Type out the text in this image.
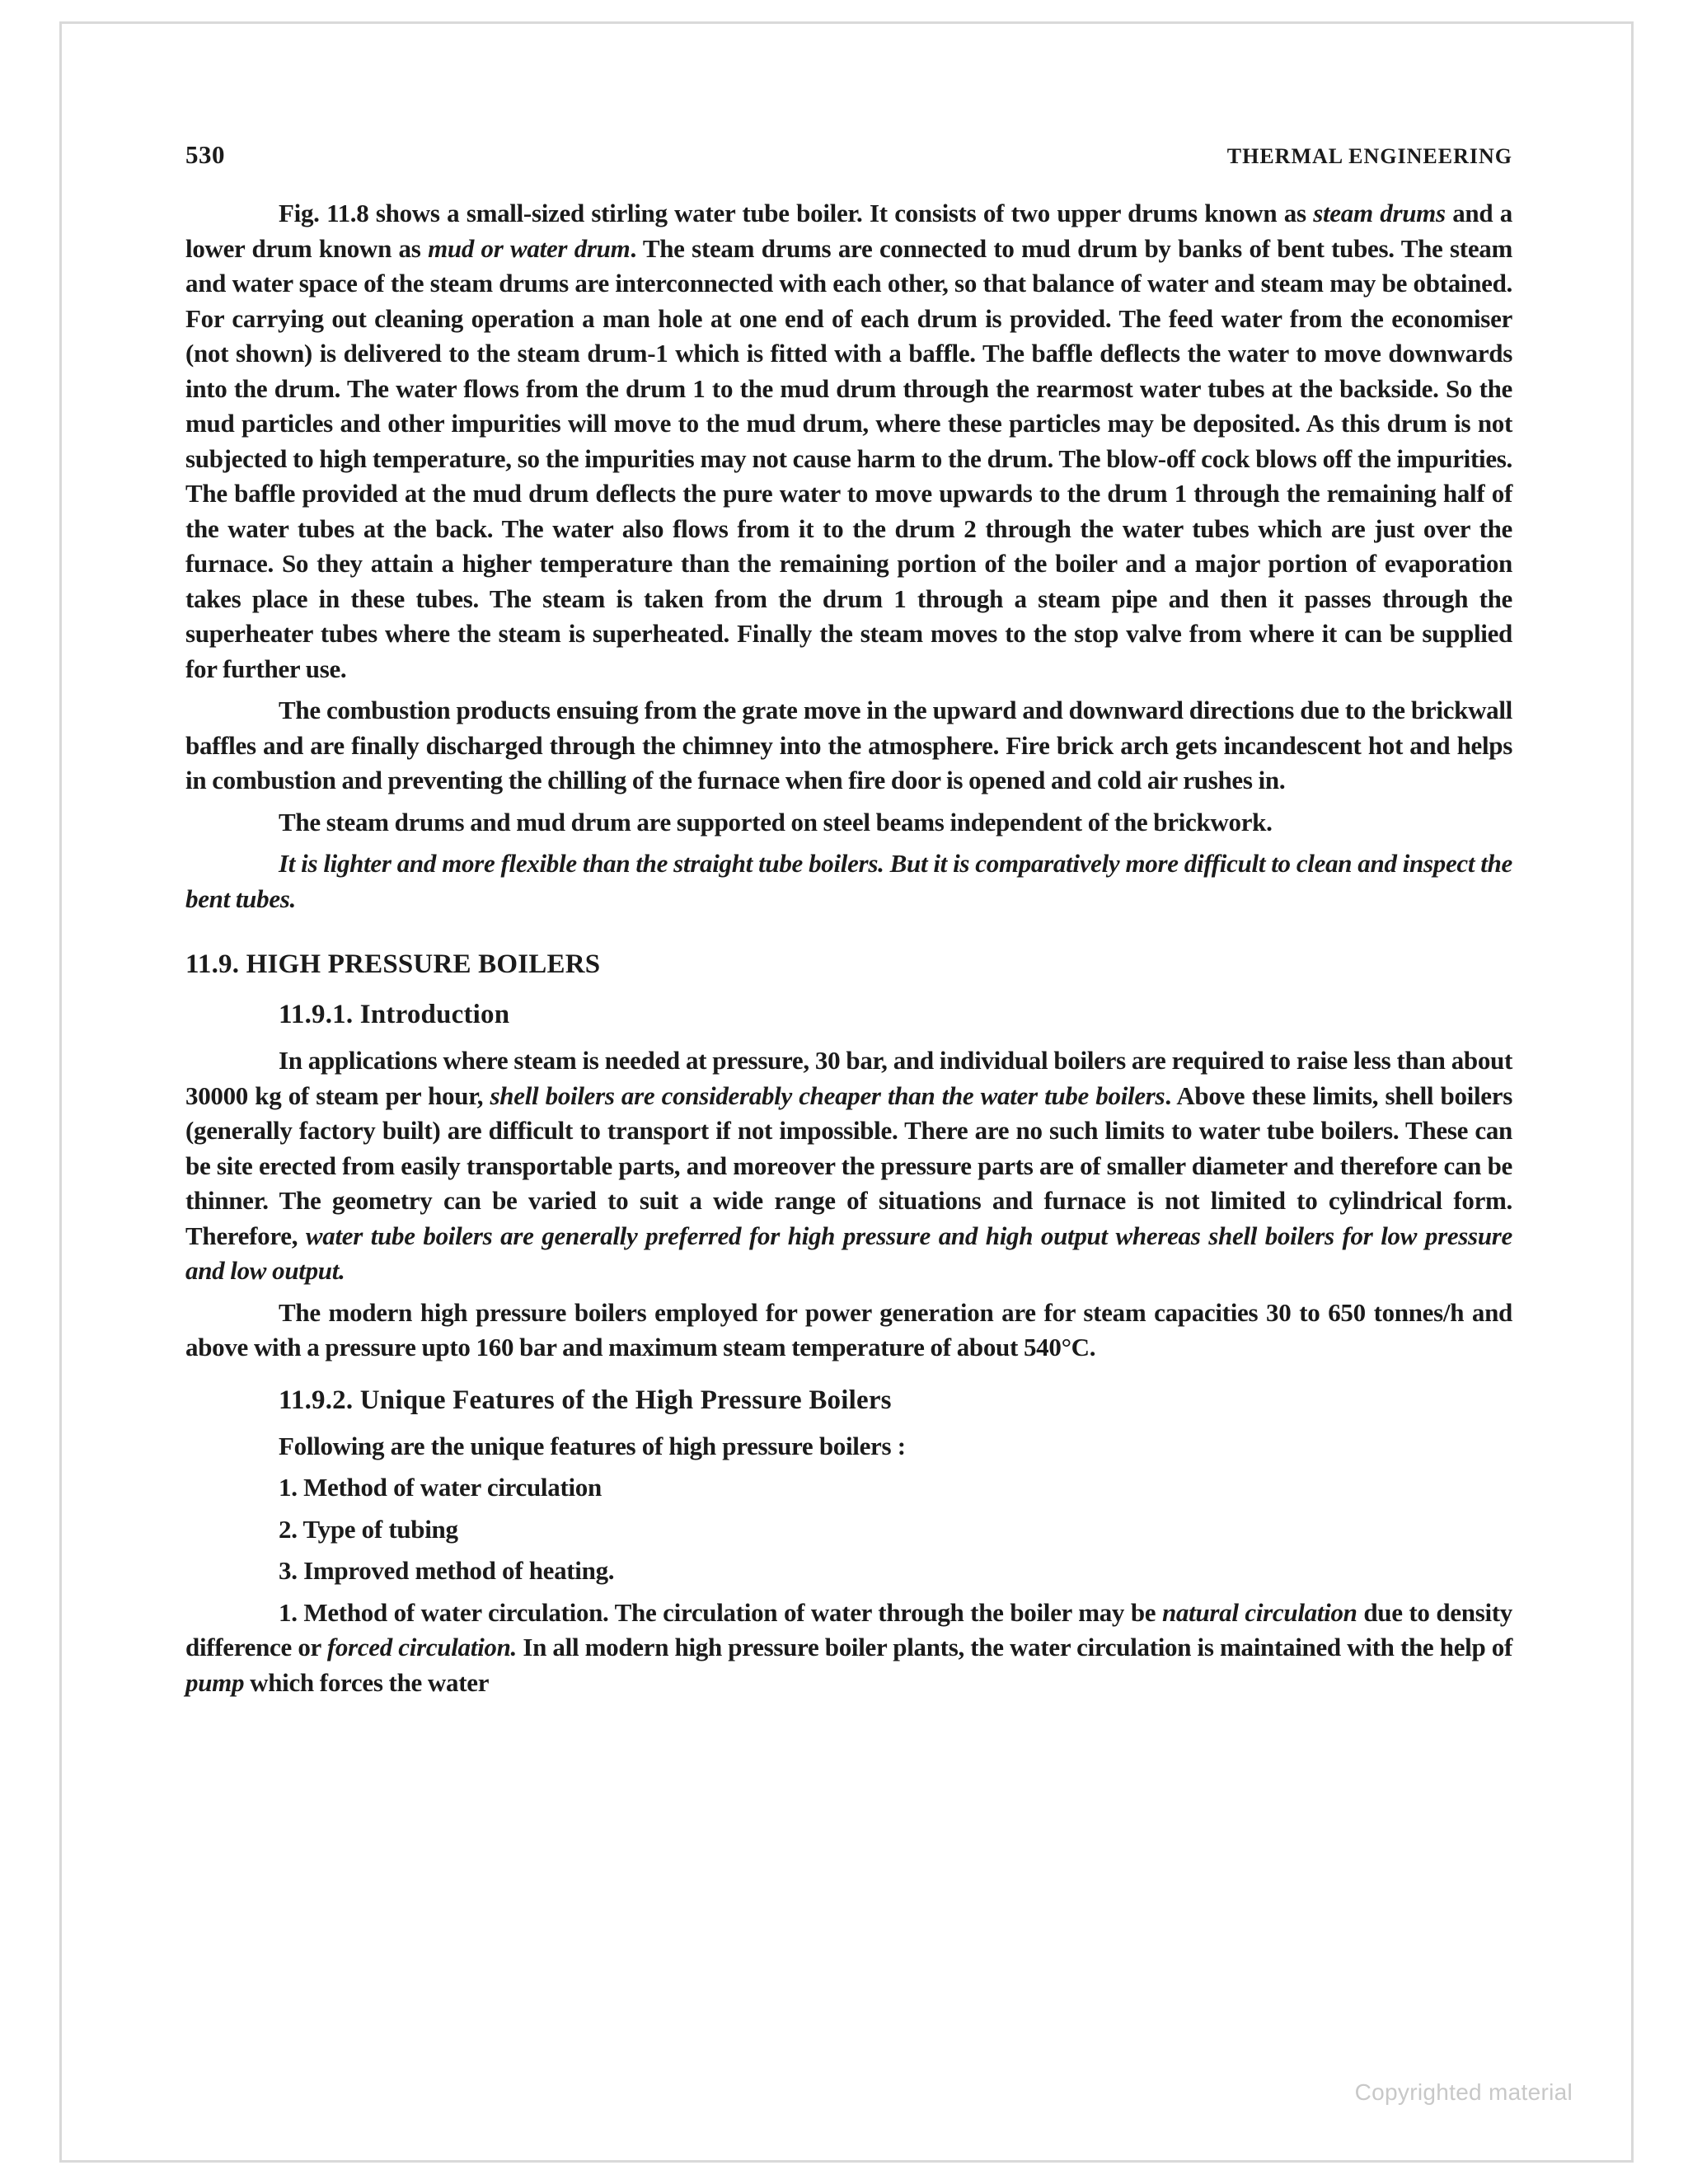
530	THERMAL ENGINEERING

Fig. 11.8 shows a small-sized stirling water tube boiler. It consists of two upper drums known as steam drums and a lower drum known as mud or water drum. The steam drums are connected to mud drum by banks of bent tubes. The steam and water space of the steam drums are interconnected with each other, so that balance of water and steam may be obtained. For carrying out cleaning operation a man hole at one end of each drum is provided. The feed water from the economiser (not shown) is delivered to the steam drum-1 which is fitted with a baffle. The baffle deflects the water to move downwards into the drum. The water flows from the drum 1 to the mud drum through the rearmost water tubes at the backside. So the mud particles and other impurities will move to the mud drum, where these particles may be deposited. As this drum is not subjected to high temperature, so the impurities may not cause harm to the drum. The blow-off cock blows off the impurities. The baffle provided at the mud drum deflects the pure water to move upwards to the drum 1 through the remaining half of the water tubes at the back. The water also flows from it to the drum 2 through the water tubes which are just over the furnace. So they attain a higher temperature than the remaining portion of the boiler and a major portion of evaporation takes place in these tubes. The steam is taken from the drum 1 through a steam pipe and then it passes through the superheater tubes where the steam is superheated. Finally the steam moves to the stop valve from where it can be supplied for further use.

The combustion products ensuing from the grate move in the upward and downward directions due to the brickwall baffles and are finally discharged through the chimney into the atmosphere. Fire brick arch gets incandescent hot and helps in combustion and preventing the chilling of the furnace when fire door is opened and cold air rushes in.

The steam drums and mud drum are supported on steel beams independent of the brickwork.

It is lighter and more flexible than the straight tube boilers. But it is comparatively more difficult to clean and inspect the bent tubes.

11.9. HIGH PRESSURE BOILERS
11.9.1. Introduction

In applications where steam is needed at pressure, 30 bar, and individual boilers are required to raise less than about 30000 kg of steam per hour, shell boilers are considerably cheaper than the water tube boilers. Above these limits, shell boilers (generally factory built) are difficult to transport if not impossible. There are no such limits to water tube boilers. These can be site erected from easily transportable parts, and moreover the pressure parts are of smaller diameter and therefore can be thinner. The geometry can be varied to suit a wide range of situations and furnace is not limited to cylindrical form. Therefore, water tube boilers are generally preferred for high pressure and high output whereas shell boilers for low pressure and low output.

The modern high pressure boilers employed for power generation are for steam capacities 30 to 650 tonnes/h and above with a pressure upto 160 bar and maximum steam temperature of about 540°C.

11.9.2. Unique Features of the High Pressure Boilers
Following are the unique features of high pressure boilers :
1. Method of water circulation
2. Type of tubing
3. Improved method of heating.

1. Method of water circulation. The circulation of water through the boiler may be natural circulation due to density difference or forced circulation. In all modern high pressure boiler plants, the water circulation is maintained with the help of pump which forces the water

Copyrighted material
